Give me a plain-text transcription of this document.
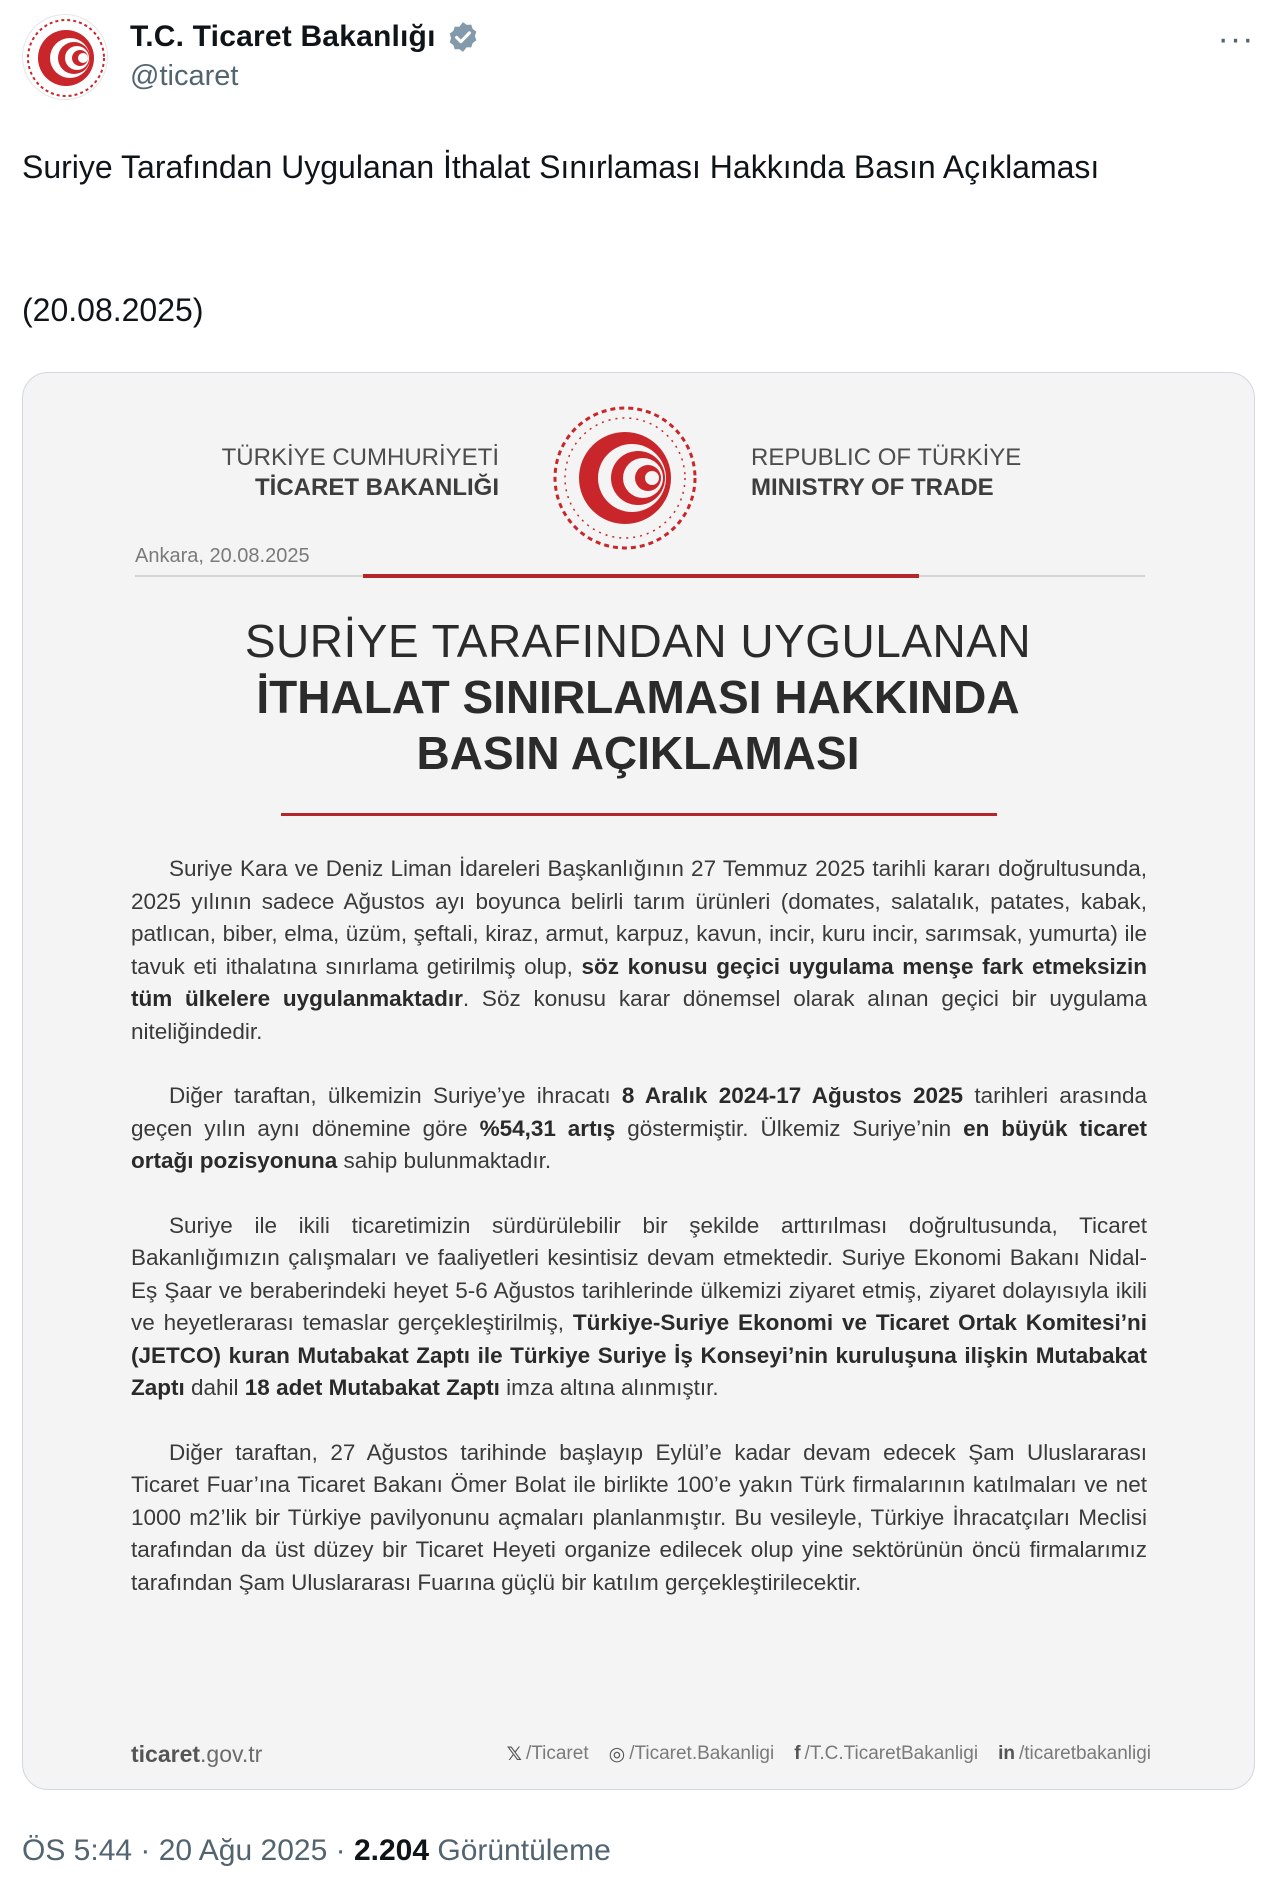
T.C. Ticaret Bakanlığı
@ticaret
···
Suriye Tarafından Uygulanan İthalat Sınırlaması Hakkında Basın Açıklaması
(20.08.2025)
TÜRKİYE CUMHURİYETİ
TİCARET BAKANLIĞI
REPUBLIC OF TÜRKİYE
MINISTRY OF TRADE
Ankara, 20.08.2025
SURİYE TARAFINDAN UYGULANAN
İTHALAT SINIRLAMASI HAKKINDA
BASIN AÇIKLAMASI

Suriye Kara ve Deniz Liman İdareleri Başkanlığının 27 Temmuz 2025 tarihli kararı doğrultusunda, 2025 yılının sadece Ağustos ayı boyunca belirli tarım ürünleri (domates, salatalık, patates, kabak, patlıcan, biber, elma, üzüm, şeftali, kiraz, armut, karpuz, kavun, incir, kuru incir, sarımsak, yumurta) ile tavuk eti ithalatına sınırlama getirilmiş olup, söz konusu geçici uygulama menşe fark etmeksizin tüm ülkelere uygulanmaktadır. Söz konusu karar dönemsel olarak alınan geçici bir uygulama niteliğindedir.

Diğer taraftan, ülkemizin Suriye’ye ihracatı 8 Aralık 2024-17 Ağustos 2025 tarihleri arasında geçen yılın aynı dönemine göre %54,31 artış göstermiştir. Ülkemiz Suriye’nin en büyük ticaret ortağı pozisyonuna sahip bulunmaktadır.

Suriye ile ikili ticaretimizin sürdürülebilir bir şekilde arttırılması doğrultusunda, Ticaret Bakanlığımızın çalışmaları ve faaliyetleri kesintisiz devam etmektedir. Suriye Ekonomi Bakanı Nidal-Eş Şaar ve beraberindeki heyet 5-6 Ağustos tarihlerinde ülkemizi ziyaret etmiş, ziyaret dolayısıyla ikili ve heyetlerarası temaslar gerçekleştirilmiş, Türkiye-Suriye Ekonomi ve Ticaret Ortak Komitesi’ni (JETCO) kuran Mutabakat Zaptı ile Türkiye Suriye İş Konseyi’nin kuruluşuna ilişkin Mutabakat Zaptı dahil 18 adet Mutabakat Zaptı imza altına alınmıştır.

Diğer taraftan, 27 Ağustos tarihinde başlayıp Eylül’e kadar devam edecek Şam Uluslararası Ticaret Fuar’ına Ticaret Bakanı Ömer Bolat ile birlikte 100’e yakın Türk firmalarının katılmaları ve net 1000 m2’lik bir Türkiye pavilyonunu açmaları planlanmıştır. Bu vesileyle, Türkiye İhracatçıları Meclisi tarafından da üst düzey bir Ticaret Heyeti organize edilecek olup yine sektörünün öncü firmalarımız tarafından Şam Uluslararası Fuarına güçlü bir katılım gerçekleştirilecektir.

ticaret.gov.tr	𝕏 /Ticaret ◎ /Ticaret.Bakanligi f /T.C.TicaretBakanligi in /ticaretbakanligi
ÖS 5:44 · 20 Ağu 2025 · 2.204 Görüntüleme
